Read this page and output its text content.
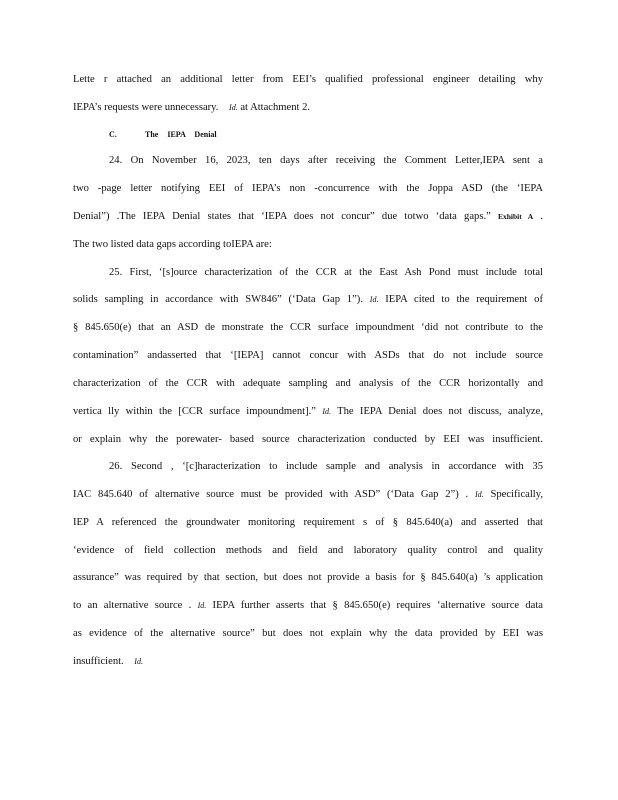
Lette r attached an additional letter from EEI’s qualified professional engineer detailing why
IEPA’s requests were unnecessary. Id. at Attachment 2.
C.	The IEPA Denial
24. On November 16, 2023, ten days after receiving the Comment Letter,IEPA sent a
two -page letter notifying EEI of IEPA’s non -concurrence with the Joppa ASD (the ‘IEPA
Denial”) .The IEPA Denial states that ‘IEPA does not concur” due totwo ‘data gaps.” Exhibit A .
The two listed data gaps according toIEPA are:
25. First, ‘[s]ource characterization of the CCR at the East Ash Pond must include total
solids sampling in accordance with SW846” (‘Data Gap 1”). Id. IEPA cited to the requirement of
§ 845.650(e) that an ASD de monstrate the CCR surface impoundment ‘did not contribute to the
contamination” andasserted that ‘[IEPA] cannot concur with ASDs that do not include source
characterization of the CCR with adequate sampling and analysis of the CCR horizontally and
vertica lly within the [CCR surface impoundment].” Id. The IEPA Denial does not discuss, analyze,
or explain why the porewater- based source characterization conducted by EEI was insufficient.
26. Second , ‘[c]haracterization to include sample and analysis in accordance with 35
IAC 845.640 of alternative source must be provided with ASD” (‘Data Gap 2”) . Id. Specifically,
IEP A referenced the groundwater monitoring requirement s of § 845.640(a) and asserted that
‘evidence of field collection methods and field and laboratory quality control and quality
assurance” was required by that section, but does not provide a basis for § 845.640(a) ’s application
to an alternative source . Id. IEPA further asserts that § 845.650(e) requires ‘alternative source data
as evidence of the alternative source” but does not explain why the data provided by EEI was
insufficient. Id.
